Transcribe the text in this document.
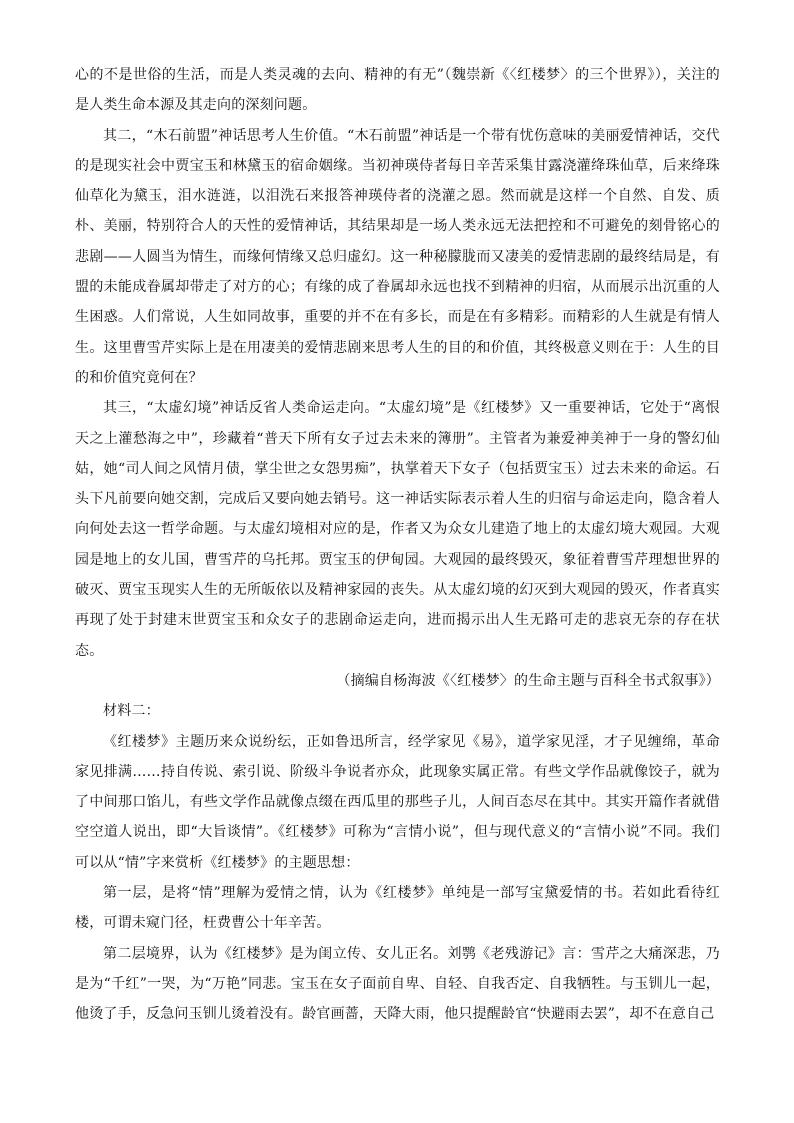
心的不是世俗的生活，而是人类灵魂的去向、精神的有无”（魏崇新《〈红楼梦〉的三个世界》），关注的是人类生命本源及其走向的深刻问题。

其二，“木石前盟”神话思考人生价值。“木石前盟”神话是一个带有忧伤意味的美丽爱情神话，交代的是现实社会中贾宝玉和林黛玉的宿命姻缘。当初神瑛侍者每日辛苦采集甘露浇灌绛珠仙草，后来绛珠仙草化为黛玉，泪水涟涟，以泪洗石来报答神瑛侍者的浇灌之恩。然而就是这样一个自然、自发、质朴、美丽，特别符合人的天性的爱情神话，其结果却是一场人类永远无法把控和不可避免的刻骨铭心的悲剧——人圆当为情生，而缘何情缘又总归虚幻。这一种秘朦胧而又凄美的爱情悲剧的最终结局是，有盟的未能成眷属却带走了对方的心；有缘的成了眷属却永远也找不到精神的归宿，从而展示出沉重的人生困惑。人们常说，人生如同故事，重要的并不在有多长，而是在有多精彩。而精彩的人生就是有情人生。这里曹雪芹实际上是在用凄美的爱情悲剧来思考人生的目的和价值，其终极意义则在于：人生的目的和价值究竟何在？

其三，“太虚幻境”神话反省人类命运走向。“太虚幻境”是《红楼梦》又一重要神话，它处于“离恨天之上灌愁海之中”，珍藏着“普天下所有女子过去未来的簿册”。主管者为兼爱神美神于一身的警幻仙姑，她“司人间之风情月债，掌尘世之女怨男痴”，执掌着天下女子（包括贾宝玉）过去未来的命运。石头下凡前要向她交割，完成后又要向她去销号。这一神话实际表示着人生的归宿与命运走向，隐含着人向何处去这一哲学命题。与太虚幻境相对应的是，作者又为众女儿建造了地上的太虚幻境大观园。大观园是地上的女儿国，曹雪芹的乌托邦。贾宝玉的伊甸园。大观园的最终毁灭，象征着曹雪芹理想世界的破灭、贾宝玉现实人生的无所皈依以及精神家园的丧失。从太虚幻境的幻灭到大观园的毁灭，作者真实再现了处于封建末世贾宝玉和众女子的悲剧命运走向，进而揭示出人生无路可走的悲哀无奈的存在状态。

（摘编自杨海波《〈红楼梦〉的生命主题与百科全书式叙事》）

材料二：

《红楼梦》主题历来众说纷纭，正如鲁迅所言，经学家见《易》，道学家见淫，才子见缠绵，革命家见排满……持自传说、索引说、阶级斗争说者亦众，此现象实属正常。有些文学作品就像饺子，就为了中间那口馅儿，有些文学作品就像点缀在西瓜里的那些子儿，人间百态尽在其中。其实开篇作者就借空空道人说出，即“大旨谈情”。《红楼梦》可称为“言情小说”，但与现代意义的“言情小说”不同。我们可以从“情”字来赏析《红楼梦》的主题思想：

第一层，是将“情”理解为爱情之情，认为《红楼梦》单纯是一部写宝黛爱情的书。若如此看待红楼，可谓未窥门径，枉费曹公十年辛苦。

第二层境界，认为《红楼梦》是为闺立传、女儿正名。刘鹗《老残游记》言：雪芹之大痛深悲，乃是为“千红”一哭，为“万艳”同悲。宝玉在女子面前自卑、自轻、自我否定、自我牺牲。与玉钏儿一起，他烫了手，反急问玉钏儿烫着没有。龄官画蔷，天降大雨，他只提醒龄官“快避雨去罢”，却不在意自己
